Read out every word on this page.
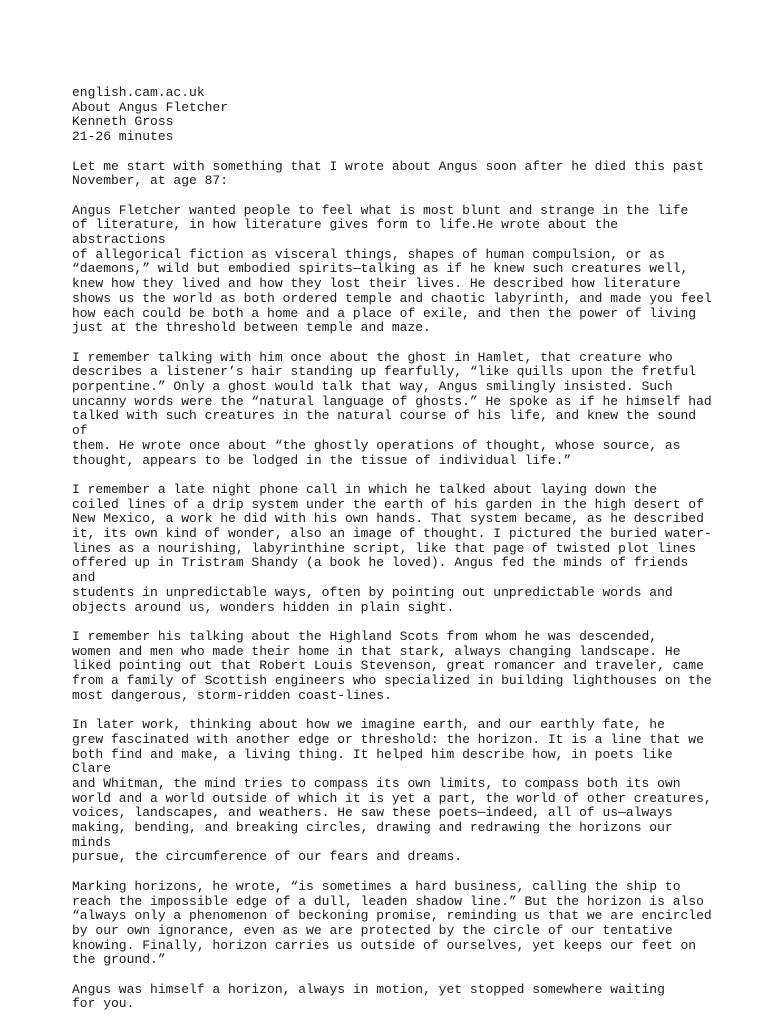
english.cam.ac.uk
About Angus Fletcher
Kenneth Gross
21-26 minutes
Let me start with something that I wrote about Angus soon after he died this past
November, at age 87:
Angus Fletcher wanted people to feel what is most blunt and strange in the life
of literature, in how literature gives form to life.He wrote about the abstractions
of allegorical fiction as visceral things, shapes of human compulsion, or as
“daemons,” wild but embodied spirits—talking as if he knew such creatures well,
knew how they lived and how they lost their lives. He described how literature
shows us the world as both ordered temple and chaotic labyrinth, and made you feel
how each could be both a home and a place of exile, and then the power of living
just at the threshold between temple and maze.
I remember talking with him once about the ghost in Hamlet, that creature who
describes a listener’s hair standing up fearfully, “like quills upon the fretful
porpentine.” Only a ghost would talk that way, Angus smilingly insisted. Such
uncanny words were the “natural language of ghosts.” He spoke as if he himself had
talked with such creatures in the natural course of his life, and knew the sound of
them. He wrote once about “the ghostly operations of thought, whose source, as
thought, appears to be lodged in the tissue of individual life.”
I remember a late night phone call in which he talked about laying down the
coiled lines of a drip system under the earth of his garden in the high desert of
New Mexico, a work he did with his own hands. That system became, as he described
it, its own kind of wonder, also an image of thought. I pictured the buried water-
lines as a nourishing, labyrinthine script, like that page of twisted plot lines
offered up in Tristram Shandy (a book he loved). Angus fed the minds of friends and
students in unpredictable ways, often by pointing out unpredictable words and
objects around us, wonders hidden in plain sight.
I remember his talking about the Highland Scots from whom he was descended,
women and men who made their home in that stark, always changing landscape. He
liked pointing out that Robert Louis Stevenson, great romancer and traveler, came
from a family of Scottish engineers who specialized in building lighthouses on the
most dangerous, storm-ridden coast-lines.
In later work, thinking about how we imagine earth, and our earthly fate, he
grew fascinated with another edge or threshold: the horizon. It is a line that we
both find and make, a living thing. It helped him describe how, in poets like Clare
and Whitman, the mind tries to compass its own limits, to compass both its own
world and a world outside of which it is yet a part, the world of other creatures,
voices, landscapes, and weathers. He saw these poets—indeed, all of us—always
making, bending, and breaking circles, drawing and redrawing the horizons our minds
pursue, the circumference of our fears and dreams.
Marking horizons, he wrote, “is sometimes a hard business, calling the ship to
reach the impossible edge of a dull, leaden shadow line.” But the horizon is also
“always only a phenomenon of beckoning promise, reminding us that we are encircled
by our own ignorance, even as we are protected by the circle of our tentative
knowing. Finally, horizon carries us outside of ourselves, yet keeps our feet on
the ground.”
Angus was himself a horizon, always in motion, yet stopped somewhere waiting
for you.
